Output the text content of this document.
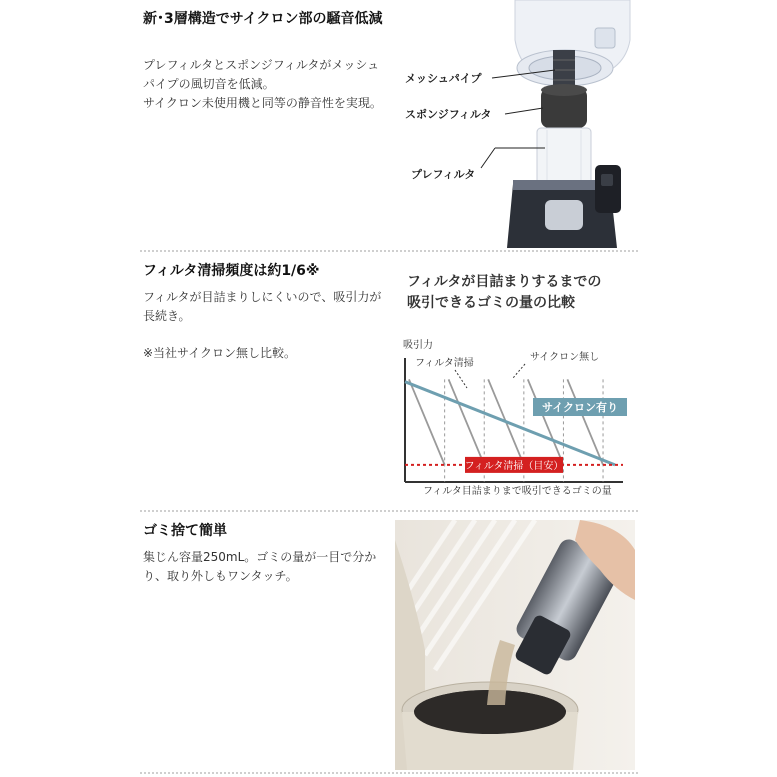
新･3層構造でサイクロン部の騒音低減

プレフィルタとスポンジフィルタがメッシュ

パイプの風切音を低減。

サイクロン未使用機と同等の静音性を実現。

メッシュパイプ
スポンジフィルタ
プレフィルタ
フィルタ清掃頻度は約1/6※

フィルタが目詰まりしにくいので、吸引力が

長続き。

※当社サイクロン無し比較。
フィルタが目詰まりするまでの
吸引できるゴミの量の比較
吸引力
フィルタ清掃
サイクロン無し
サイクロン有り
フィルタ清掃（目安）
フィルタ目詰まりまで吸引できるゴミの量
ゴミ捨て簡単

集じん容量250mL。ゴミの量が一目で分か

り、取り外しもワンタッチ。
